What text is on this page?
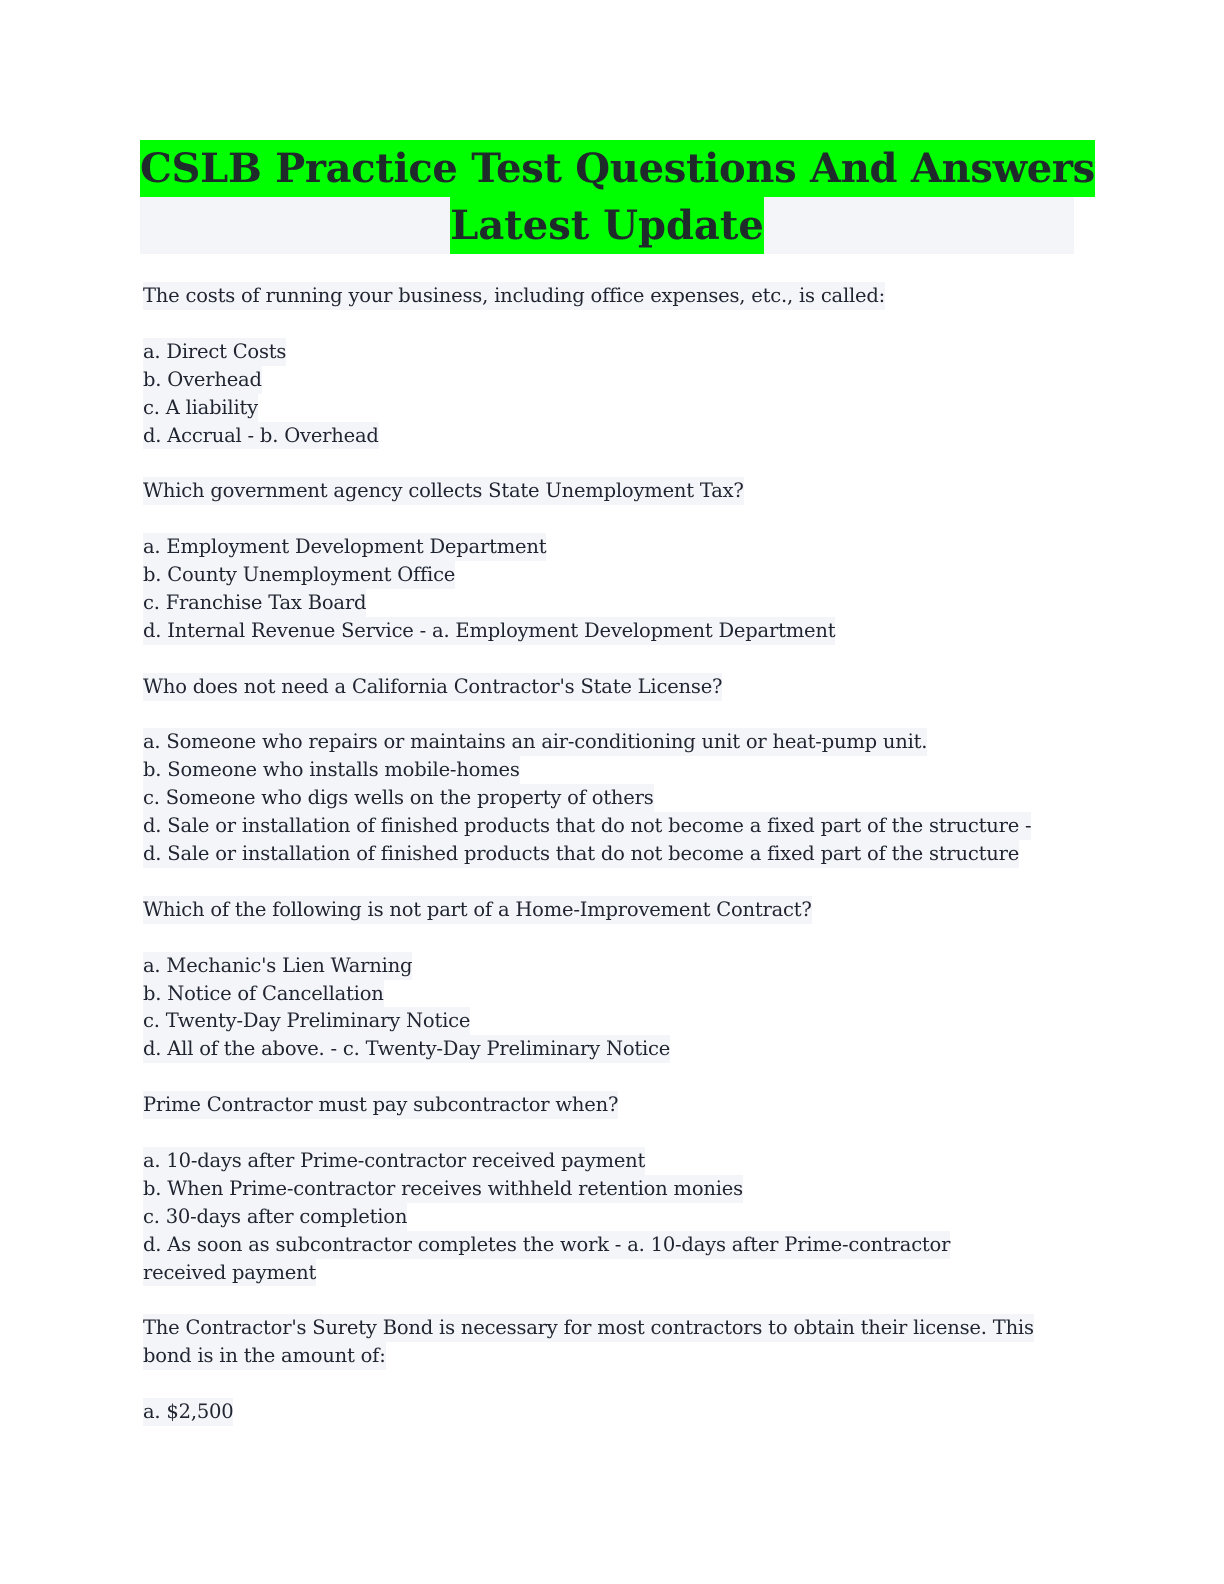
CSLB Practice Test Questions And Answers
Latest Update
The costs of running your business, including office expenses, etc., is called:
a. Direct Costs
b. Overhead
c. A liability
d. Accrual - b. Overhead
Which government agency collects State Unemployment Tax?
a. Employment Development Department
b. County Unemployment Office
c. Franchise Tax Board
d. Internal Revenue Service - a. Employment Development Department
Who does not need a California Contractor's State License?
a. Someone who repairs or maintains an air-conditioning unit or heat-pump unit.
b. Someone who installs mobile-homes
c. Someone who digs wells on the property of others
d. Sale or installation of finished products that do not become a fixed part of the structure -
d. Sale or installation of finished products that do not become a fixed part of the structure
Which of the following is not part of a Home-Improvement Contract?
a. Mechanic's Lien Warning
b. Notice of Cancellation
c. Twenty-Day Preliminary Notice
d. All of the above. - c. Twenty-Day Preliminary Notice
Prime Contractor must pay subcontractor when?
a. 10-days after Prime-contractor received payment
b. When Prime-contractor receives withheld retention monies
c. 30-days after completion
d. As soon as subcontractor completes the work - a. 10-days after Prime-contractor
received payment
The Contractor's Surety Bond is necessary for most contractors to obtain their license. This
bond is in the amount of:
a. $2,500
